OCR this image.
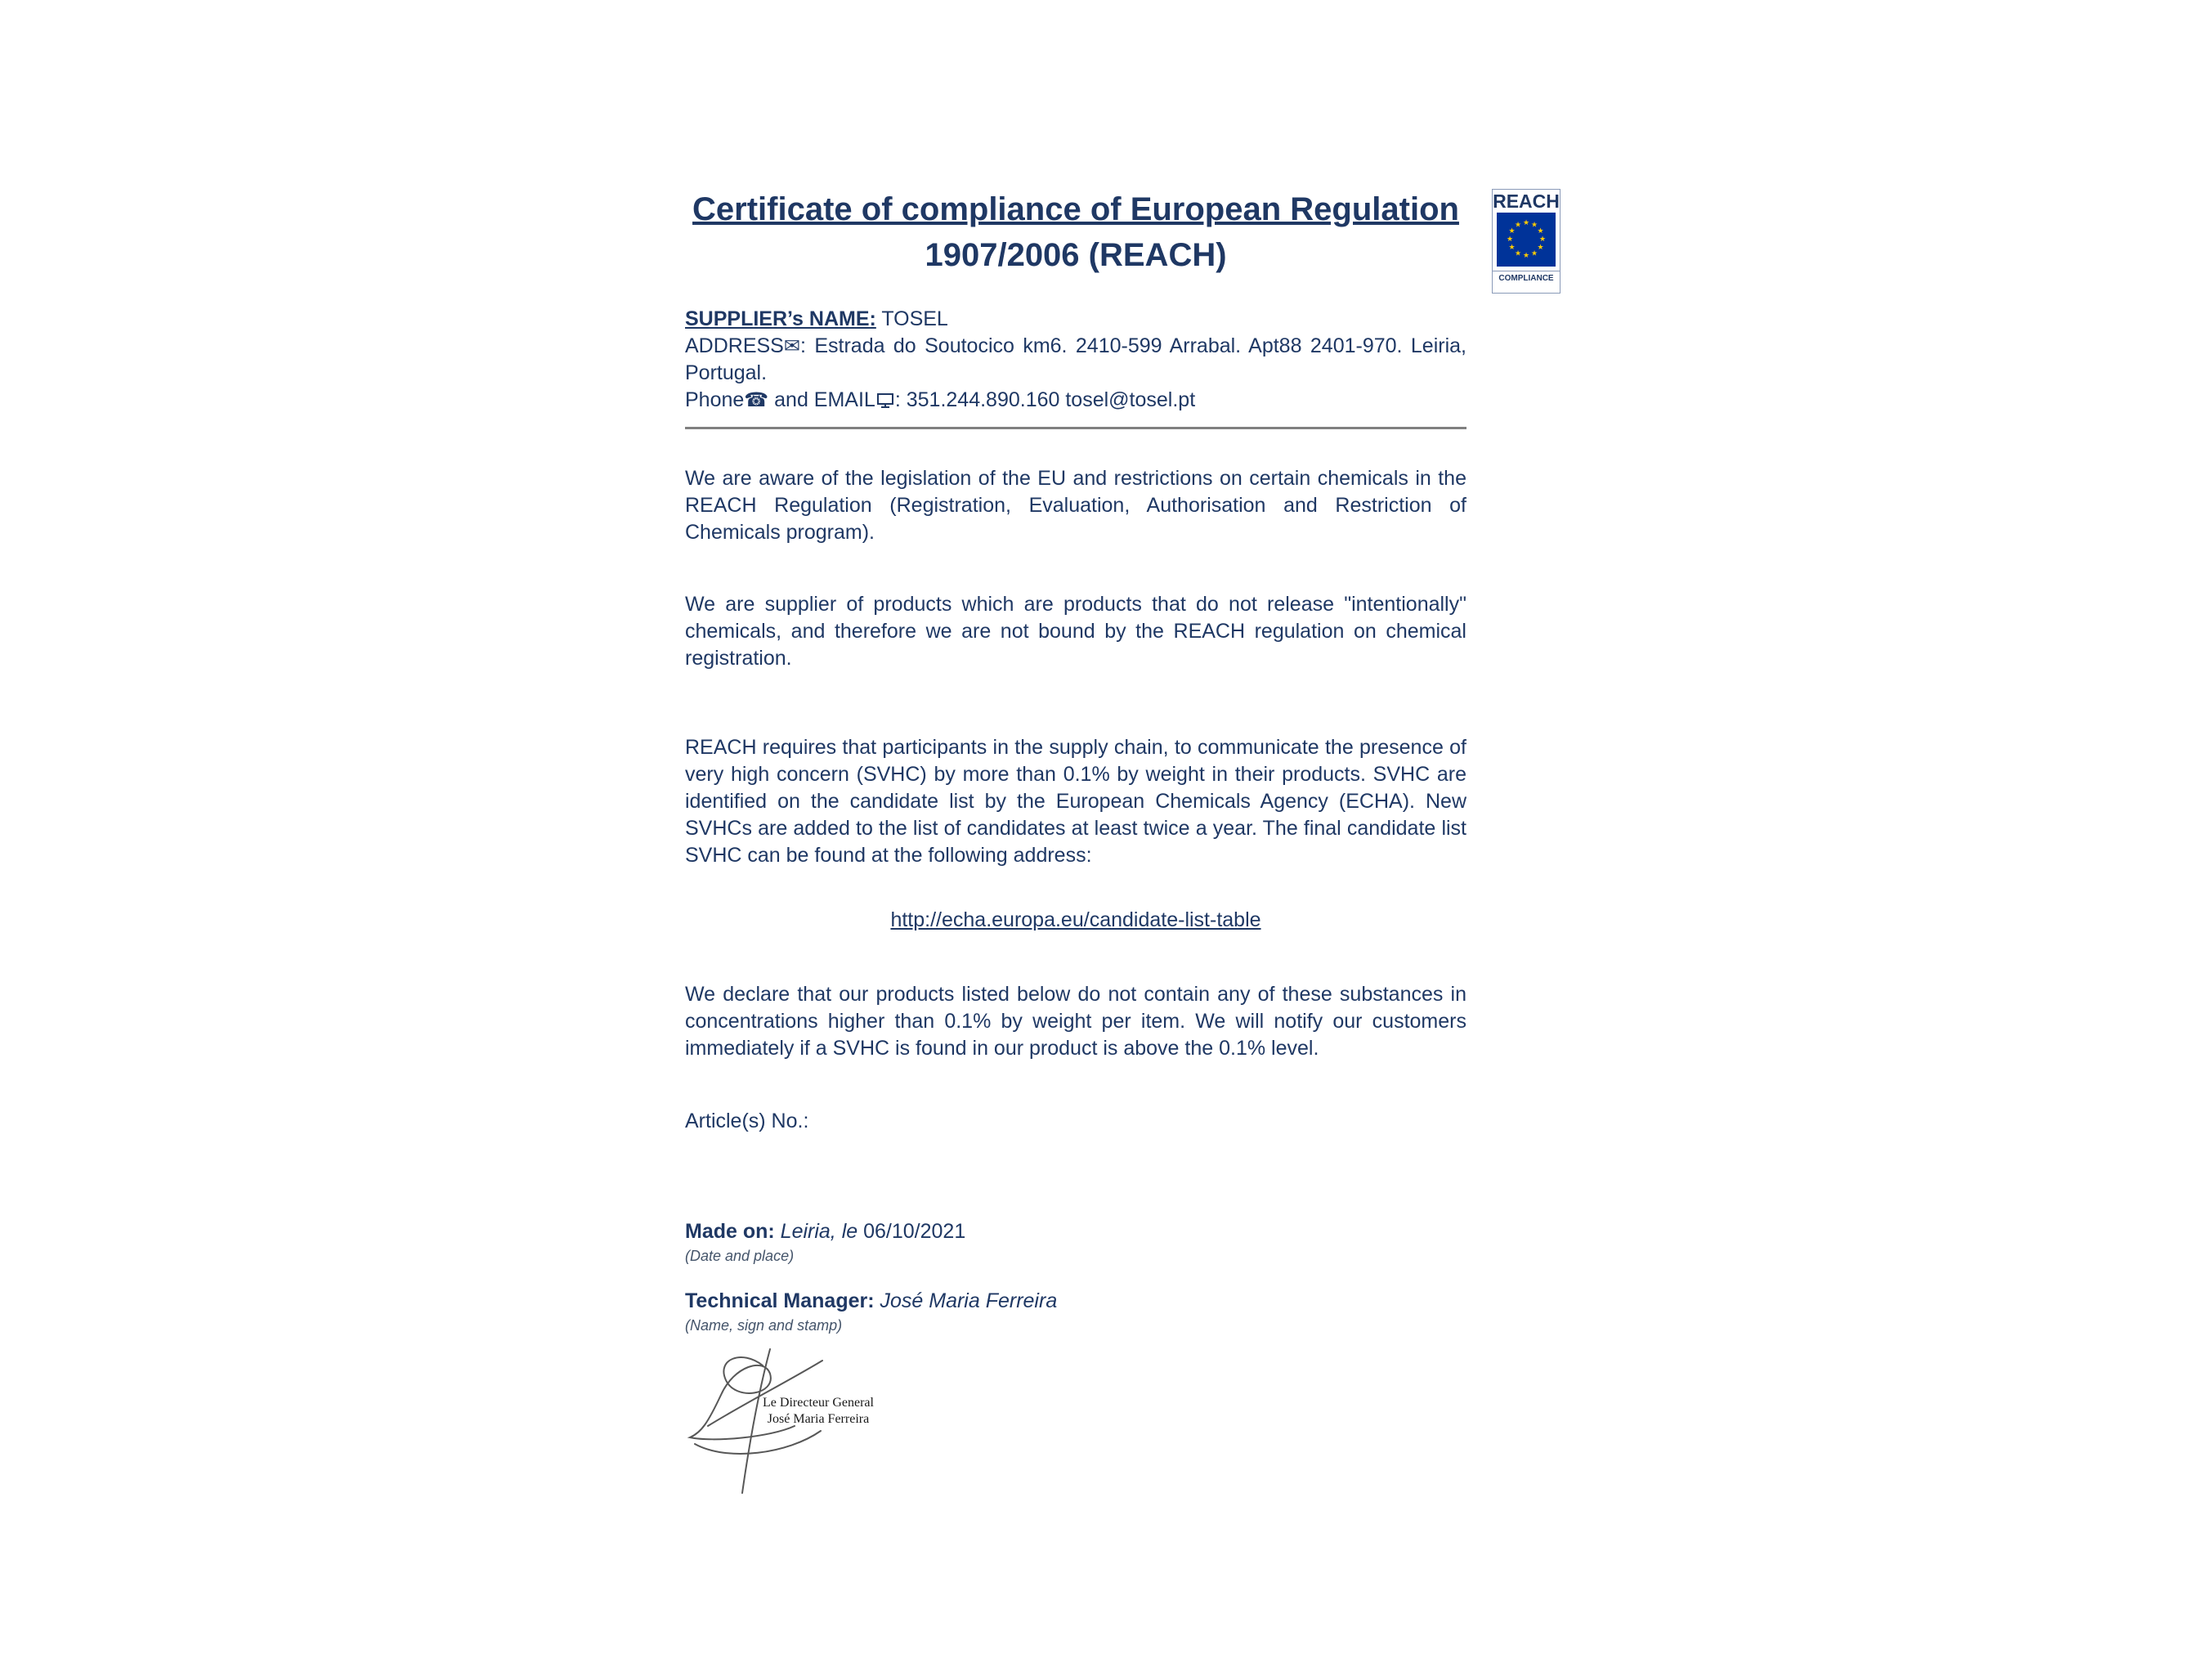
REACH
★ ★
★
★
★
★
★
★
★
★
★
★
COMPLIANCE
Certificate of compliance of European Regulation
1907/2006 (REACH)
SUPPLIER’s NAME: TOSEL
ADDRESS✉: Estrada do Soutocico km6. 2410-599 Arrabal. Apt88 2401-970. Leiria, Portugal.
Phone☎ and EMAIL : 351.244.890.160 tosel@tosel.pt

We are aware of the legislation of the EU and restrictions on certain chemicals in the REACH Regulation (Registration, Evaluation, Authorisation and Restriction of Chemicals program).

We are supplier of products which are products that do not release "intentionally" chemicals, and therefore we are not bound by the REACH regulation on chemical registration.

REACH requires that participants in the supply chain, to communicate the presence of very high concern (SVHC) by more than 0.1% by weight in their products. SVHC are identified on the candidate list by the European Chemicals Agency (ECHA). New SVHCs are added to the list of candidates at least twice a year. The final candidate list SVHC can be found at the following address:

http://echa.europa.eu/candidate-list-table

We declare that our products listed below do not contain any of these substances in concentrations higher than 0.1% by weight per item. We will notify our customers immediately if a SVHC is found in our product is above the 0.1% level.

Article(s) No.:

Made on: Leiria, le 06/10/2021
(Date and place)
Technical Manager: José Maria Ferreira
(Name, sign and stamp)
Le Directeur General
José Maria Ferreira
